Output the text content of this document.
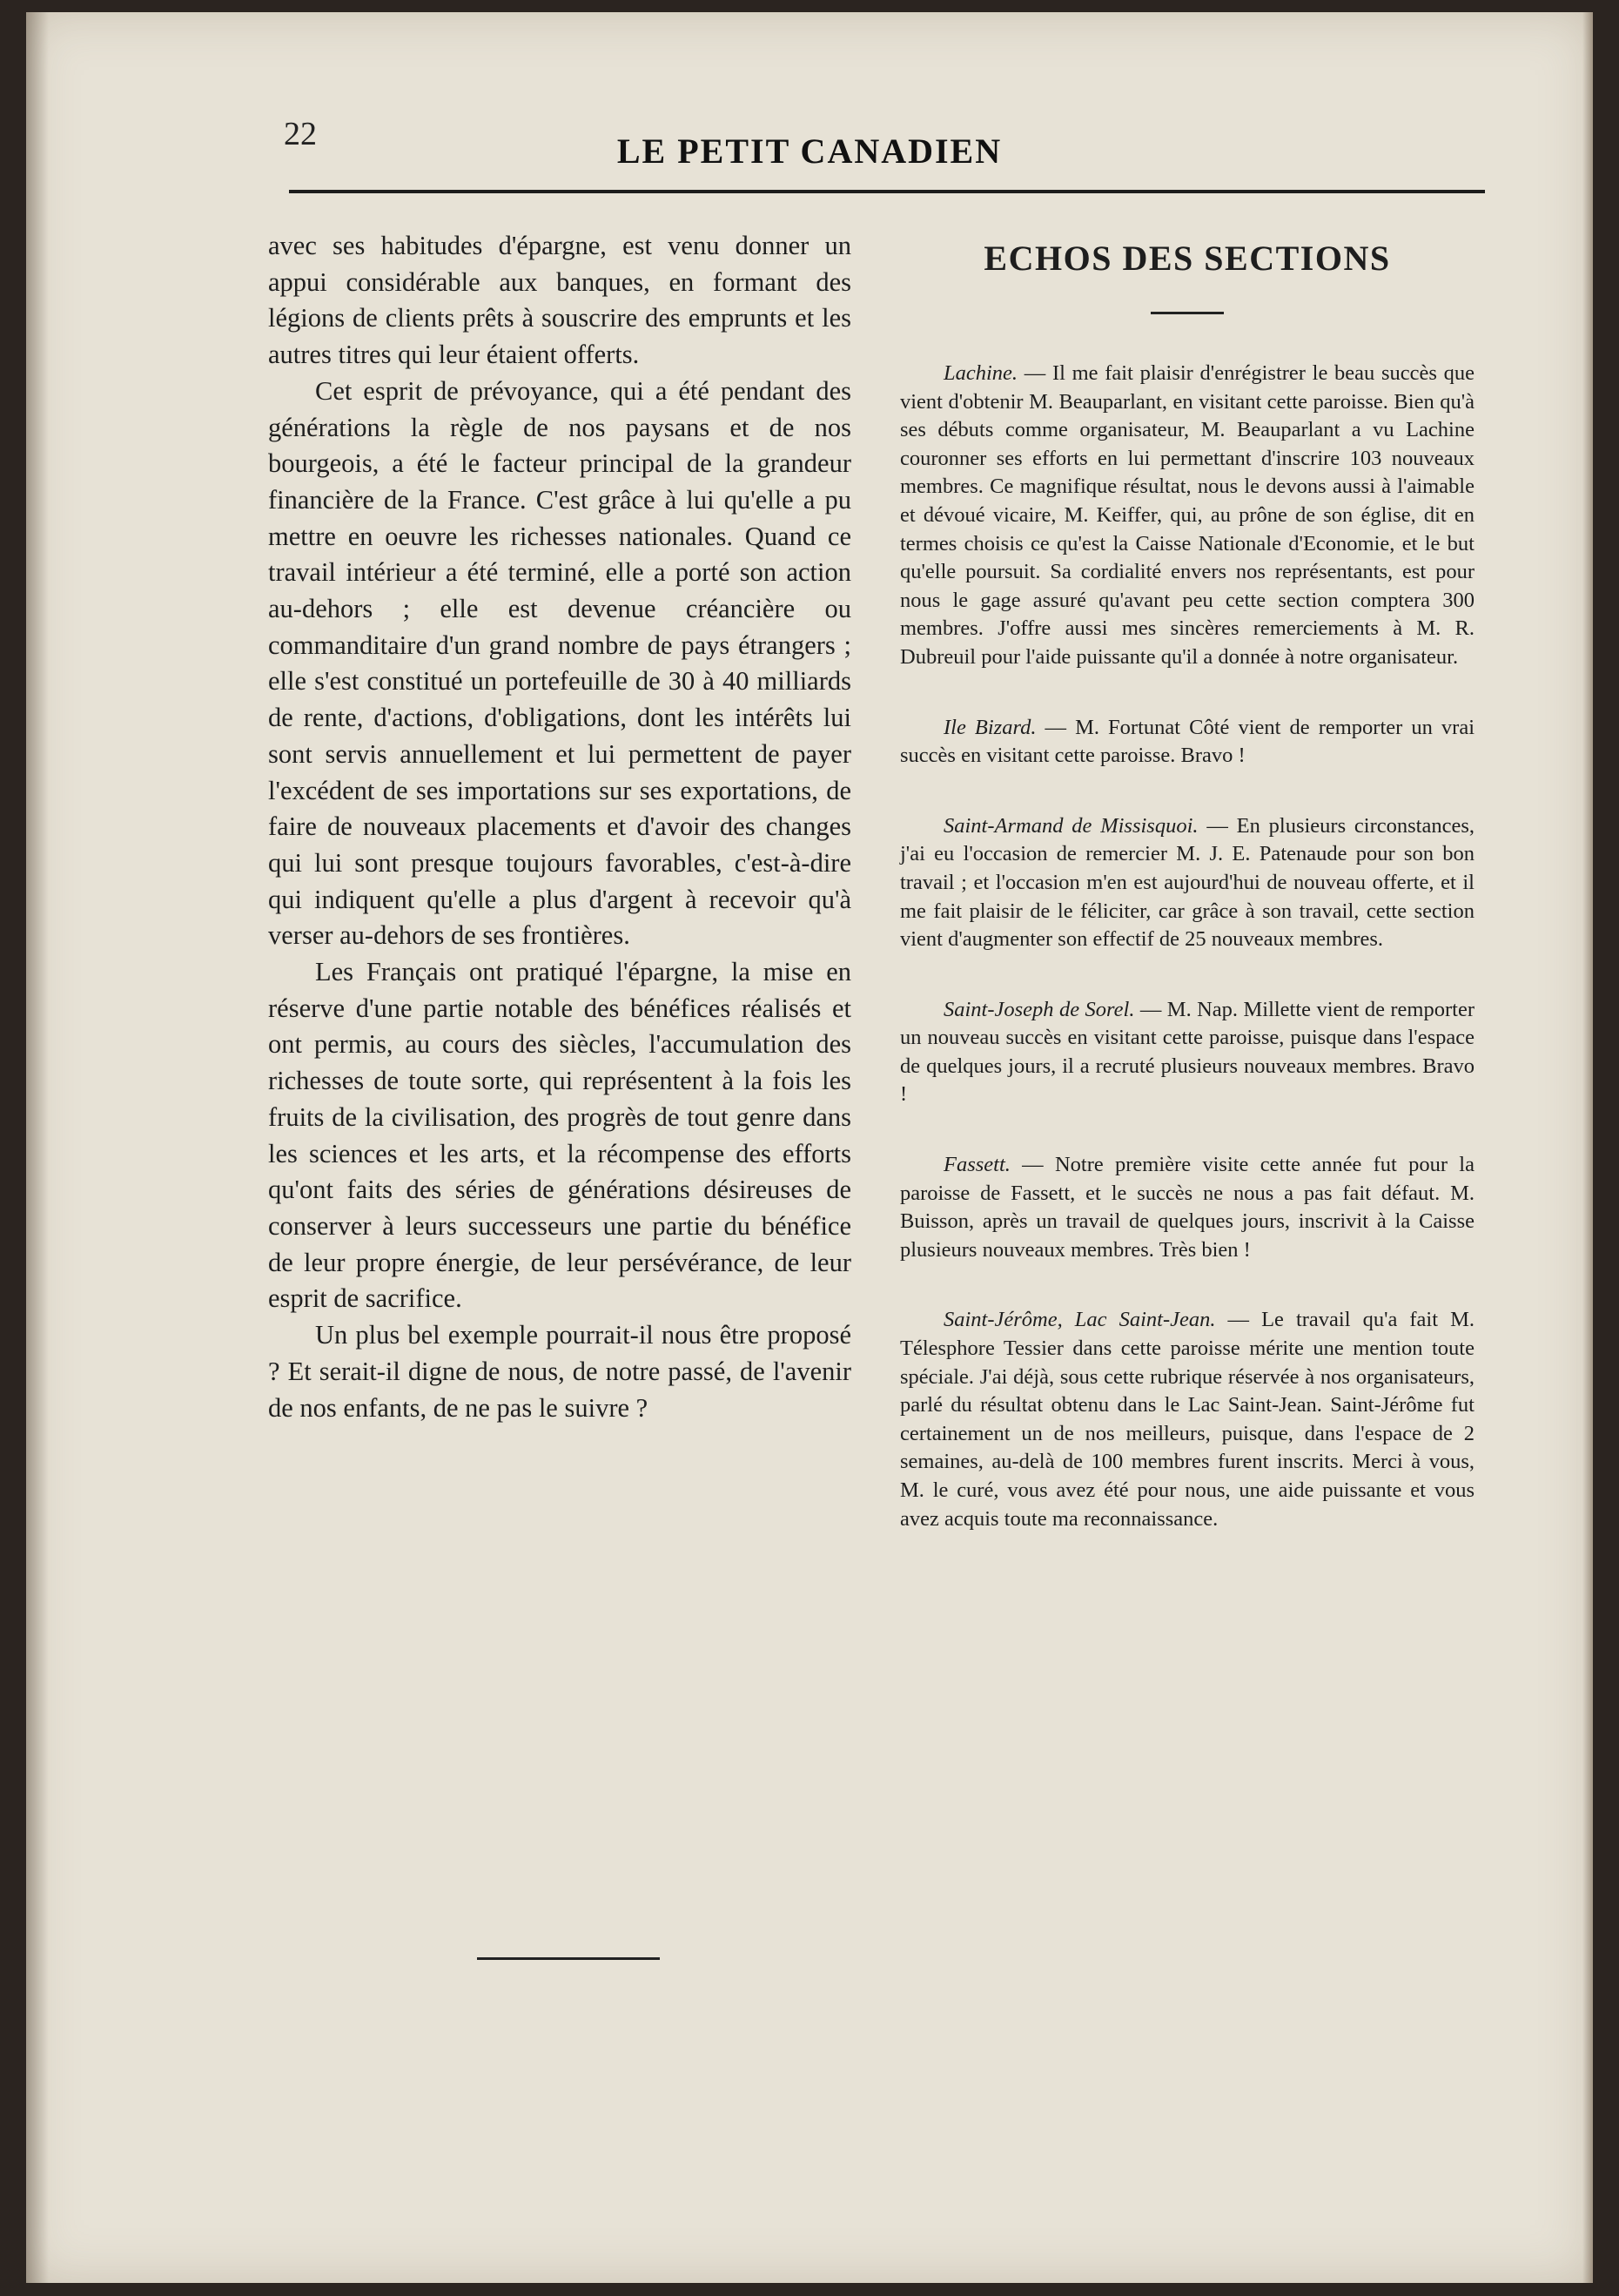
22	LE PETIT CANADIEN

avec ses habitudes d'épargne, est venu donner un appui considérable aux banques, en formant des légions de clients prêts à souscrire des emprunts et les autres titres qui leur étaient offerts.

Cet esprit de prévoyance, qui a été pendant des générations la règle de nos paysans et de nos bourgeois, a été le facteur principal de la grandeur financière de la France. C'est grâce à lui qu'elle a pu mettre en oeuvre les richesses nationales. Quand ce travail intérieur a été terminé, elle a porté son action au-dehors ; elle est devenue créancière ou commanditaire d'un grand nombre de pays étrangers ; elle s'est constitué un portefeuille de 30 à 40 milliards de rente, d'actions, d'obligations, dont les intérêts lui sont servis annuellement et lui permettent de payer l'excédent de ses importations sur ses exportations, de faire de nouveaux placements et d'avoir des changes qui lui sont presque toujours favorables, c'est-à-dire qui indiquent qu'elle a plus d'argent à recevoir qu'à verser au-dehors de ses frontières.

Les Français ont pratiqué l'épargne, la mise en réserve d'une partie notable des bénéfices réalisés et ont permis, au cours des siècles, l'accumulation des richesses de toute sorte, qui représentent à la fois les fruits de la civilisation, des progrès de tout genre dans les sciences et les arts, et la récompense des efforts qu'ont faits des séries de générations désireuses de conserver à leurs successeurs une partie du bénéfice de leur propre énergie, de leur persévérance, de leur esprit de sacrifice.

Un plus bel exemple pourrait-il nous être proposé ? Et serait-il digne de nous, de notre passé, de l'avenir de nos enfants, de ne pas le suivre ?

ECHOS DES SECTIONS

Lachine. — Il me fait plaisir d'enrégistrer le beau succès que vient d'obtenir M. Beauparlant, en visitant cette paroisse. Bien qu'à ses débuts comme organisateur, M. Beauparlant a vu Lachine couronner ses efforts en lui permettant d'inscrire 103 nouveaux membres. Ce magnifique résultat, nous le devons aussi à l'aimable et dévoué vicaire, M. Keiffer, qui, au prône de son église, dit en termes choisis ce qu'est la Caisse Nationale d'Economie, et le but qu'elle poursuit. Sa cordialité envers nos représentants, est pour nous le gage assuré qu'avant peu cette section comptera 300 membres. J'offre aussi mes sincères remerciements à M. R. Dubreuil pour l'aide puissante qu'il a donnée à notre organisateur.

Ile Bizard. — M. Fortunat Côté vient de remporter un vrai succès en visitant cette paroisse. Bravo !

Saint-Armand de Missisquoi. — En plusieurs circonstances, j'ai eu l'occasion de remercier M. J. E. Patenaude pour son bon travail ; et l'occasion m'en est aujourd'hui de nouveau offerte, et il me fait plaisir de le féliciter, car grâce à son travail, cette section vient d'augmenter son effectif de 25 nouveaux membres.

Saint-Joseph de Sorel. — M. Nap. Millette vient de remporter un nouveau succès en visitant cette paroisse, puisque dans l'espace de quelques jours, il a recruté plusieurs nouveaux membres. Bravo !

Fassett. — Notre première visite cette année fut pour la paroisse de Fassett, et le succès ne nous a pas fait défaut. M. Buisson, après un travail de quelques jours, inscrivit à la Caisse plusieurs nouveaux membres. Très bien !

Saint-Jérôme, Lac Saint-Jean. — Le travail qu'a fait M. Télesphore Tessier dans cette paroisse mérite une mention toute spéciale. J'ai déjà, sous cette rubrique réservée à nos organisateurs, parlé du résultat obtenu dans le Lac Saint-Jean. Saint-Jérôme fut certainement un de nos meilleurs, puisque, dans l'espace de 2 semaines, au-delà de 100 membres furent inscrits. Merci à vous, M. le curé, vous avez été pour nous, une aide puissante et vous avez acquis toute ma reconnaissance.
